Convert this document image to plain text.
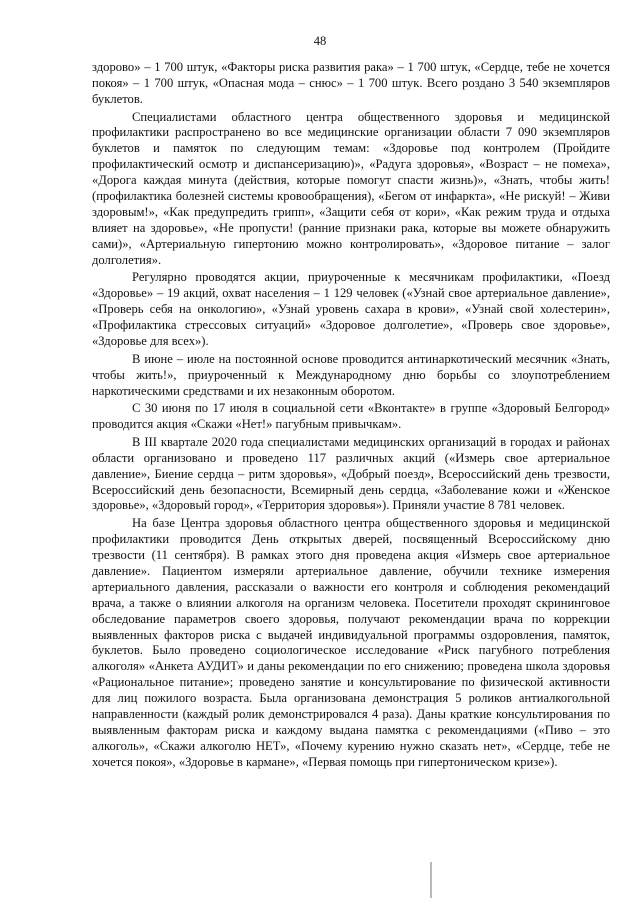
48

здорово» – 1 700 штук, «Факторы риска развития рака» – 1 700 штук, «Сердце, тебе не хочется покоя» – 1 700 штук, «Опасная мода – снюс» – 1 700 штук. Всего роздано 3 540 экземпляров буклетов.

Специалистами областного центра общественного здоровья и медицинской профилактики распространено во все медицинские организации области 7 090 экземпляров буклетов и памяток по следующим темам: «Здоровье под контролем (Пройдите профилактический осмотр и диспансеризацию)», «Радуга здоровья», «Возраст – не помеха», «Дорога каждая минута (действия, которые помогут спасти жизнь)», «Знать, чтобы жить! (профилактика болезней системы кровообращения), «Бегом от инфаркта», «Не рискуй! – Живи здоровым!», «Как предупредить грипп», «Защити себя от кори», «Как режим труда и отдыха влияет на здоровье», «Не пропусти! (ранние признаки рака, которые вы можете обнаружить сами)», «Артериальную гипертонию можно контролировать», «Здоровое питание – залог долголетия».

Регулярно проводятся акции, приуроченные к месячникам профилактики, «Поезд «Здоровье» – 19 акций, охват населения – 1 129 человек («Узнай свое артериальное давление», «Проверь себя на онкологию», «Узнай уровень сахара в крови», «Узнай свой холестерин», «Профилактика стрессовых ситуаций» «Здоровое долголетие», «Проверь свое здоровье», «Здоровье для всех»).

В июне – июле на постоянной основе проводится антинаркотический месячник «Знать, чтобы жить!», приуроченный к Международному дню борьбы со злоупотреблением наркотическими средствами и их незаконным оборотом.

С 30 июня по 17 июля в социальной сети «Вконтакте» в группе «Здоровый Белгород» проводится акция «Скажи «Нет!» пагубным привычкам».

В III квартале 2020 года специалистами медицинских организаций в городах и районах области организовано и проведено 117 различных акций («Измерь свое артериальное давление», Биение сердца – ритм здоровья», «Добрый поезд», Всероссийский день трезвости, Всероссийский день безопасности, Всемирный день сердца, «Заболевание кожи и «Женское здоровье», «Здоровый город», «Территория здоровья»). Приняли участие 8 781 человек.

На базе Центра здоровья областного центра общественного здоровья и медицинской профилактики проводится День открытых дверей, посвященный Всероссийскому дню трезвости (11 сентября). В рамках этого дня проведена акция «Измерь свое артериальное давление». Пациентом измеряли артериальное давление, обучили технике измерения артериального давления, рассказали о важности его контроля и соблюдения рекомендаций врача, а также о влиянии алкоголя на организм человека. Посетители проходят скрининговое обследование параметров своего здоровья, получают рекомендации врача по коррекции выявленных факторов риска с выдачей индивидуальной программы оздоровления, памяток, буклетов. Было проведено социологическое исследование «Риск пагубного потребления алкоголя» «Анкета АУДИТ» и даны рекомендации по его снижению; проведена школа здоровья «Рациональное питание»; проведено занятие и консультирование по физической активности для лиц пожилого возраста. Была организована демонстрация 5 роликов антиалкогольной направленности (каждый ролик демонстрировался 4 раза). Даны краткие консультирования по выявленным факторам риска и каждому выдана памятка с рекомендациями («Пиво – это алкоголь», «Скажи алкоголю НЕТ», «Почему курению нужно сказать нет», «Сердце, тебе не хочется покоя», «Здоровье в кармане», «Первая помощь при гипертоническом кризе»).
